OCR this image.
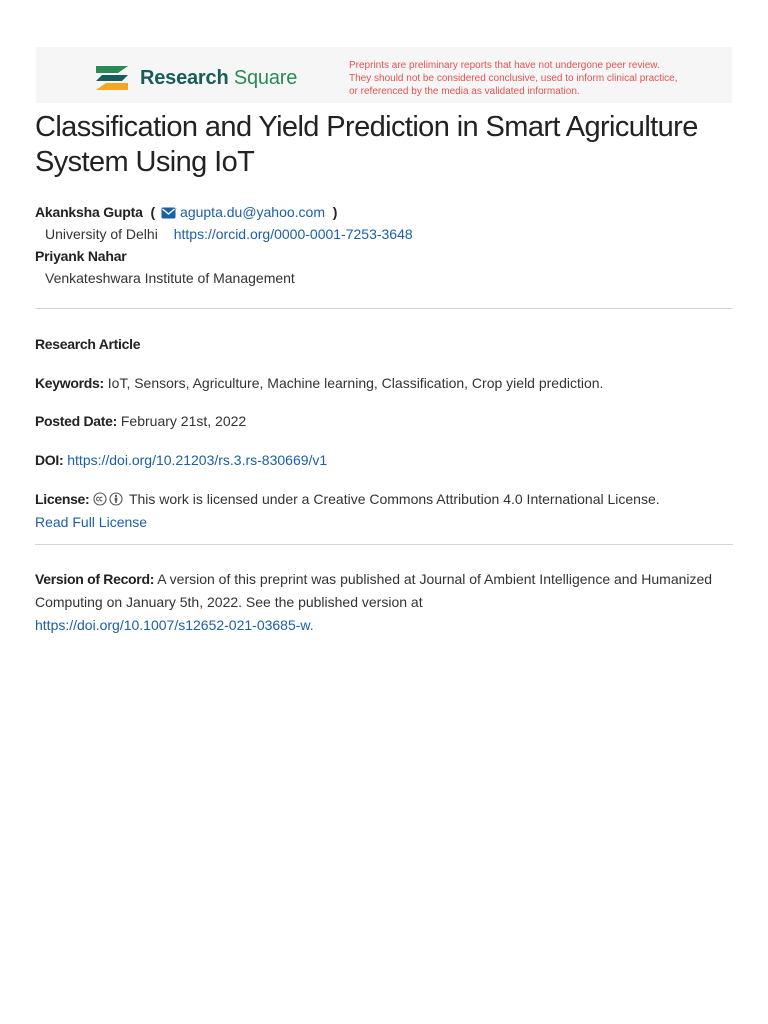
Research Square
Preprints are preliminary reports that have not undergone peer review.
They should not be considered conclusive, used to inform clinical practice,
or referenced by the media as validated information.
Classification and Yield Prediction in Smart Agriculture System Using IoT
Akanksha Gupta  ( agupta.du@yahoo.com  )
University of Delhi https://orcid.org/0000-0001-7253-3648
Priyank Nahar
Venkateshwara Institute of Management
Research Article
Keywords: IoT, Sensors, Agriculture, Machine learning, Classification, Crop yield prediction.
Posted Date: February 21st, 2022
DOI: https://doi.org/10.21203/rs.3.rs-830669/v1
License:	This work is licensed under a Creative Commons Attribution 4.0 International License.
Read Full License
Version of Record: A version of this preprint was published at Journal of Ambient Intelligence and Humanized Computing on January 5th, 2022. See the published version at
https://doi.org/10.1007/s12652-021-03685-w.
